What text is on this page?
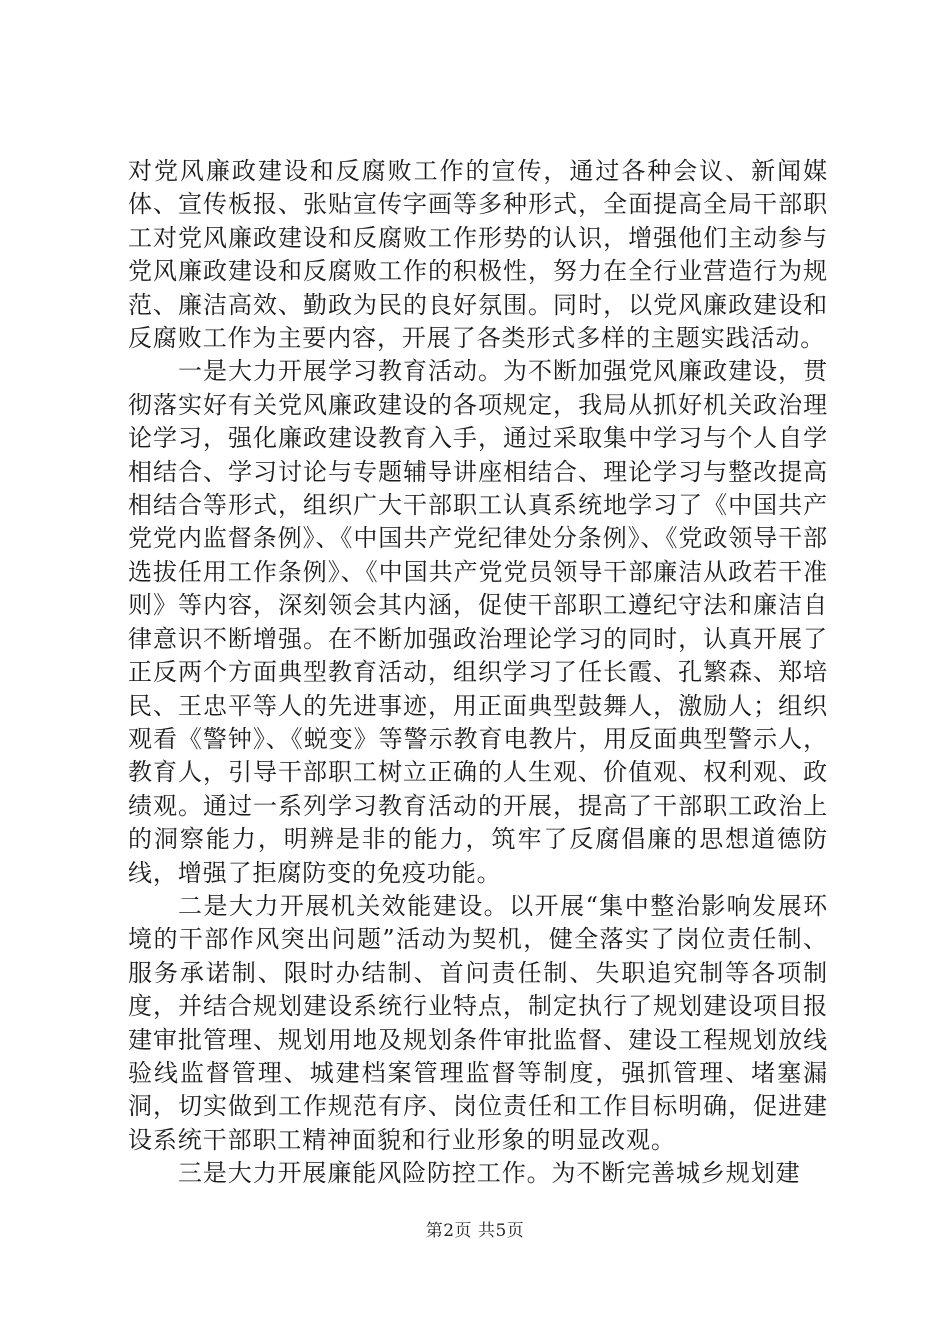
对党风廉政建设和反腐败工作的宣传，通过各种会议、新闻媒体、宣传板报、张贴宣传字画等多种形式，全面提高全局干部职工对党风廉政建设和反腐败工作形势的认识，增强他们主动参与党风廉政建设和反腐败工作的积极性，努力在全行业营造行为规范、廉洁高效、勤政为民的良好氛围。同时，以党风廉政建设和反腐败工作为主要内容，开展了各类形式多样的主题实践活动。

一是大力开展学习教育活动。为不断加强党风廉政建设，贯彻落实好有关党风廉政建设的各项规定，我局从抓好机关政治理论学习，强化廉政建设教育入手，通过采取集中学习与个人自学相结合、学习讨论与专题辅导讲座相结合、理论学习与整改提高相结合等形式，组织广大干部职工认真系统地学习了《中国共产党党内监督条例》、《中国共产党纪律处分条例》、《党政领导干部选拔任用工作条例》、《中国共产党党员领导干部廉洁从政若干准则》等内容，深刻领会其内涵，促使干部职工遵纪守法和廉洁自律意识不断增强。在不断加强政治理论学习的同时，认真开展了正反两个方面典型教育活动，组织学习了任长霞、孔繁森、郑培民、王忠平等人的先进事迹，用正面典型鼓舞人，激励人；组织观看《警钟》、《蜕变》等警示教育电教片，用反面典型警示人，教育人，引导干部职工树立正确的人生观、价值观、权利观、政绩观。通过一系列学习教育活动的开展，提高了干部职工政治上的洞察能力，明辨是非的能力，筑牢了反腐倡廉的思想道德防线，增强了拒腐防变的免疫功能。

二是大力开展机关效能建设。以开展“集中整治影响发展环境的干部作风突出问题”活动为契机，健全落实了岗位责任制、服务承诺制、限时办结制、首问责任制、失职追究制等各项制度，并结合规划建设系统行业特点，制定执行了规划建设项目报建审批管理、规划用地及规划条件审批监督、建设工程规划放线验线监督管理、城建档案管理监督等制度，强抓管理、堵塞漏洞，切实做到工作规范有序、岗位责任和工作目标明确，促进建设系统干部职工精神面貌和行业形象的明显改观。

三是大力开展廉能风险防控工作。为不断完善城乡规划建

第2页 共5页
